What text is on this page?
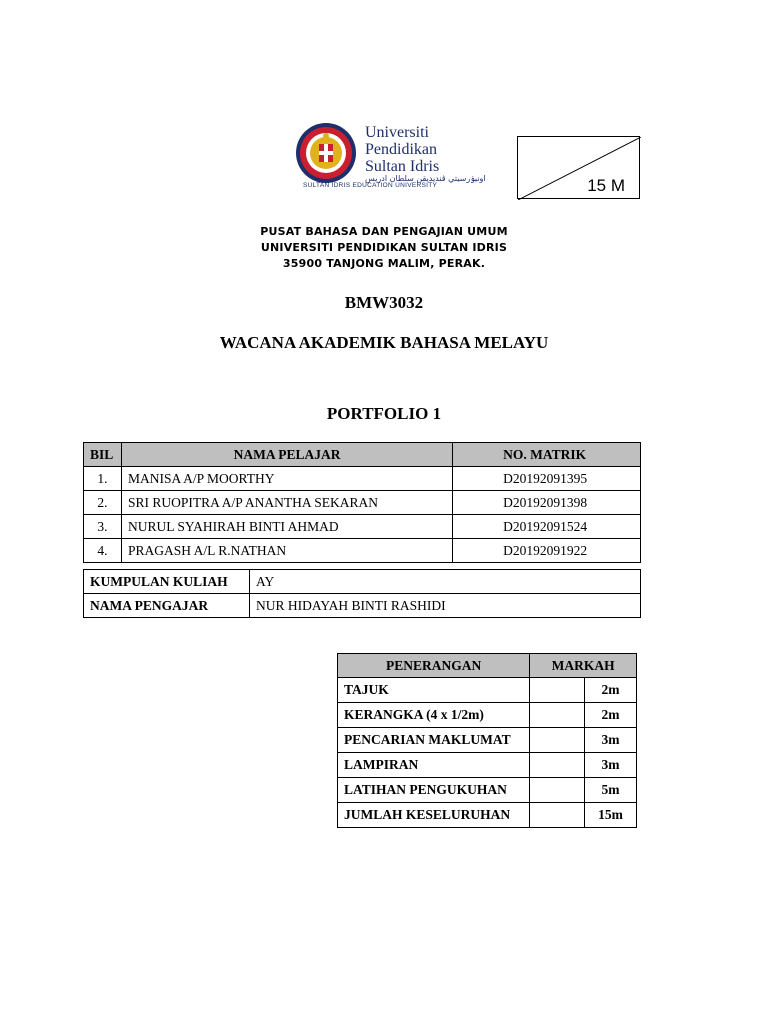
Universiti
Pendidikan
Sultan Idris
اونيۏرسيتي ڤنديديقن سلطان ادريس
SULTAN IDRIS EDUCATION UNIVERSITY	15 M
PUSAT BAHASA DAN PENGAJIAN UMUM
UNIVERSITI PENDIDIKAN SULTAN IDRIS
35900 TANJONG MALIM, PERAK.
BMW3032
WACANA AKADEMIK BAHASA MELAYU
PORTFOLIO 1
BIL	NAMA PELAJAR	NO. MATRIK
1.	MANISA A/P MOORTHY	D20192091395
2.	SRI RUOPITRA A/P ANANTHA SEKARAN	D20192091398
3.	NURUL SYAHIRAH BINTI AHMAD	D20192091524
4.	PRAGASH A/L R.NATHAN	D20192091922
KUMPULAN KULIAH	AY
NAMA PENGAJAR	NUR HIDAYAH BINTI RASHIDI
PENERANGAN	MARKAH	
TAJUK		2m
KERANGKA (4 x 1/2m)		2m
PENCARIAN MAKLUMAT		3m
LAMPIRAN		3m
LATIHAN PENGUKUHAN		5m
JUMLAH KESELURUHAN		15m
